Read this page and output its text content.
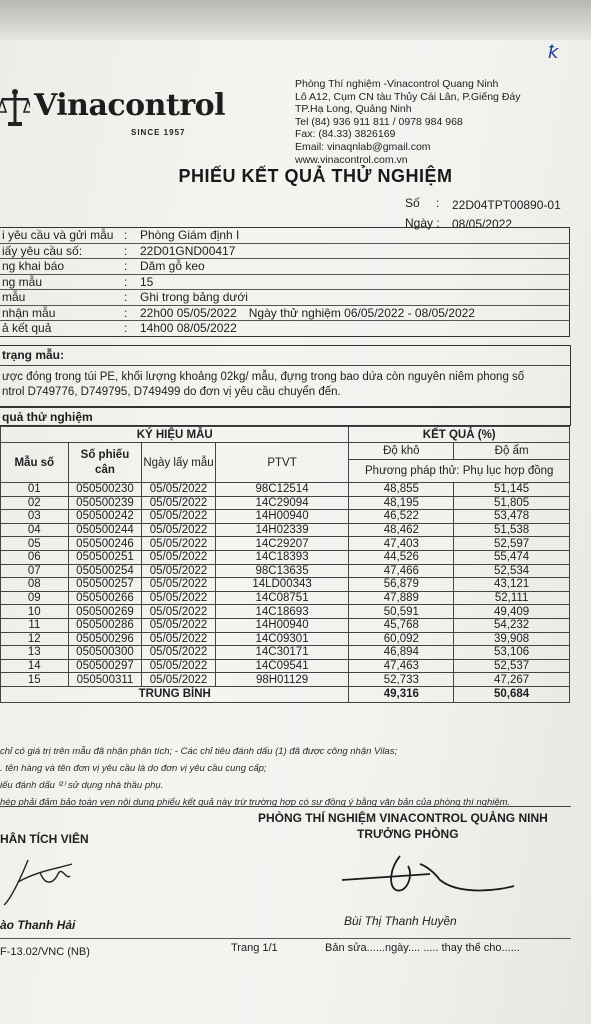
Vinacontrol
SINCE 1957
ꝁ
Phòng Thí nghiệm -Vinacontrol Quang Ninh
Lô A12, Cụm CN tàu Thủy Cái Lân, P.Giếng Đáy
TP.Hạ Long, Quảng Ninh
Tel (84) 936 911 811 / 0978 984 968
Fax: (84.33) 3826169
Email: vinaqnlab@gmail.com
www.vinacontrol.com.vn
PHIẾU KẾT QUẢ THỬ NGHIỆM
Số : 22D04TPT00890-01
Ngày : 08/05/2022
i yêu cầu và gửi mẫu	:	Phòng Giám định I
iấy yêu cầu số:	:	22D01GND00417
ng khai báo	:	Dăm gỗ keo
ng mẫu	:	15
mẫu	:	Ghi trong bảng dưới
nhận mẫu	:	22h00 05/05/2022 Ngày thử nghiệm 06/05/2022 - 08/05/2022
ả kết quả	:	14h00 08/05/2022
trạng mẫu:
ược đóng trong túi PE, khối lượng khoảng 02kg/ mẫu, đựng trong bao dứa còn nguyên niêm phong số
ntrol D749776, D749795, D749499 do đơn vị yêu cầu chuyển đến.
quả thử nghiệm
KÝ HIỆU MẪU				KẾT QUẢ (%)	
Mẫu số	Số phiếu cân	Ngày lấy mẫu	PTVT	Độ khô	Độ ẩm
				Phương pháp thử: Phụ lục hợp đồng	
01	050500230	05/05/2022	98C12514	48,855	51,145
02	050500239	05/05/2022	14C29094	48,195	51,805
03	050500242	05/05/2022	14H00940	46,522	53,478
04	050500244	05/05/2022	14H02339	48,462	51,538
05	050500246	05/05/2022	14C29207	47,403	52,597
06	050500251	05/05/2022	14C18393	44,526	55,474
07	050500254	05/05/2022	98C13635	47,466	52,534
08	050500257	05/05/2022	14LD00343	56,879	43,121
09	050500266	05/05/2022	14C08751	47,889	52,111
10	050500269	05/05/2022	14C18693	50,591	49,409
11	050500286	05/05/2022	14H00940	45,768	54,232
12	050500296	05/05/2022	14C09301	60,092	39,908
13	050500300	05/05/2022	14C30171	46,894	53,106
14	050500297	05/05/2022	14C09541	47,463	52,537
15	050500311	05/05/2022	98H01129	52,733	47,267
TRUNG BÌNH				49,316	50,684
chỉ có giá trị trên mẫu đã nhận phân tích; - Các chỉ tiêu đánh dấu (1) đã được công nhận Vilas;
. tên hàng và tên đơn vị yêu cầu là do đơn vị yêu cầu cung cấp;
iếu đánh dấu ⁽²⁾ sử dụng nhà thầu phụ.
hép phải đảm bảo toàn vẹn nội dung phiếu kết quả này trừ trường hợp có sự đồng ý bằng văn bản của phòng thí nghiệm.
HÂN TÍCH VIÊN
ào Thanh Hải
PHÒNG THÍ NGHIỆM VINACONTROL QUẢNG NINH
TRƯỞNG PHÒNG
Bùi Thị Thanh Huyền
F-13.02/VNC (NB)	Trang 1/1	Bản sửa......ngày.... ..... thay thế cho......
